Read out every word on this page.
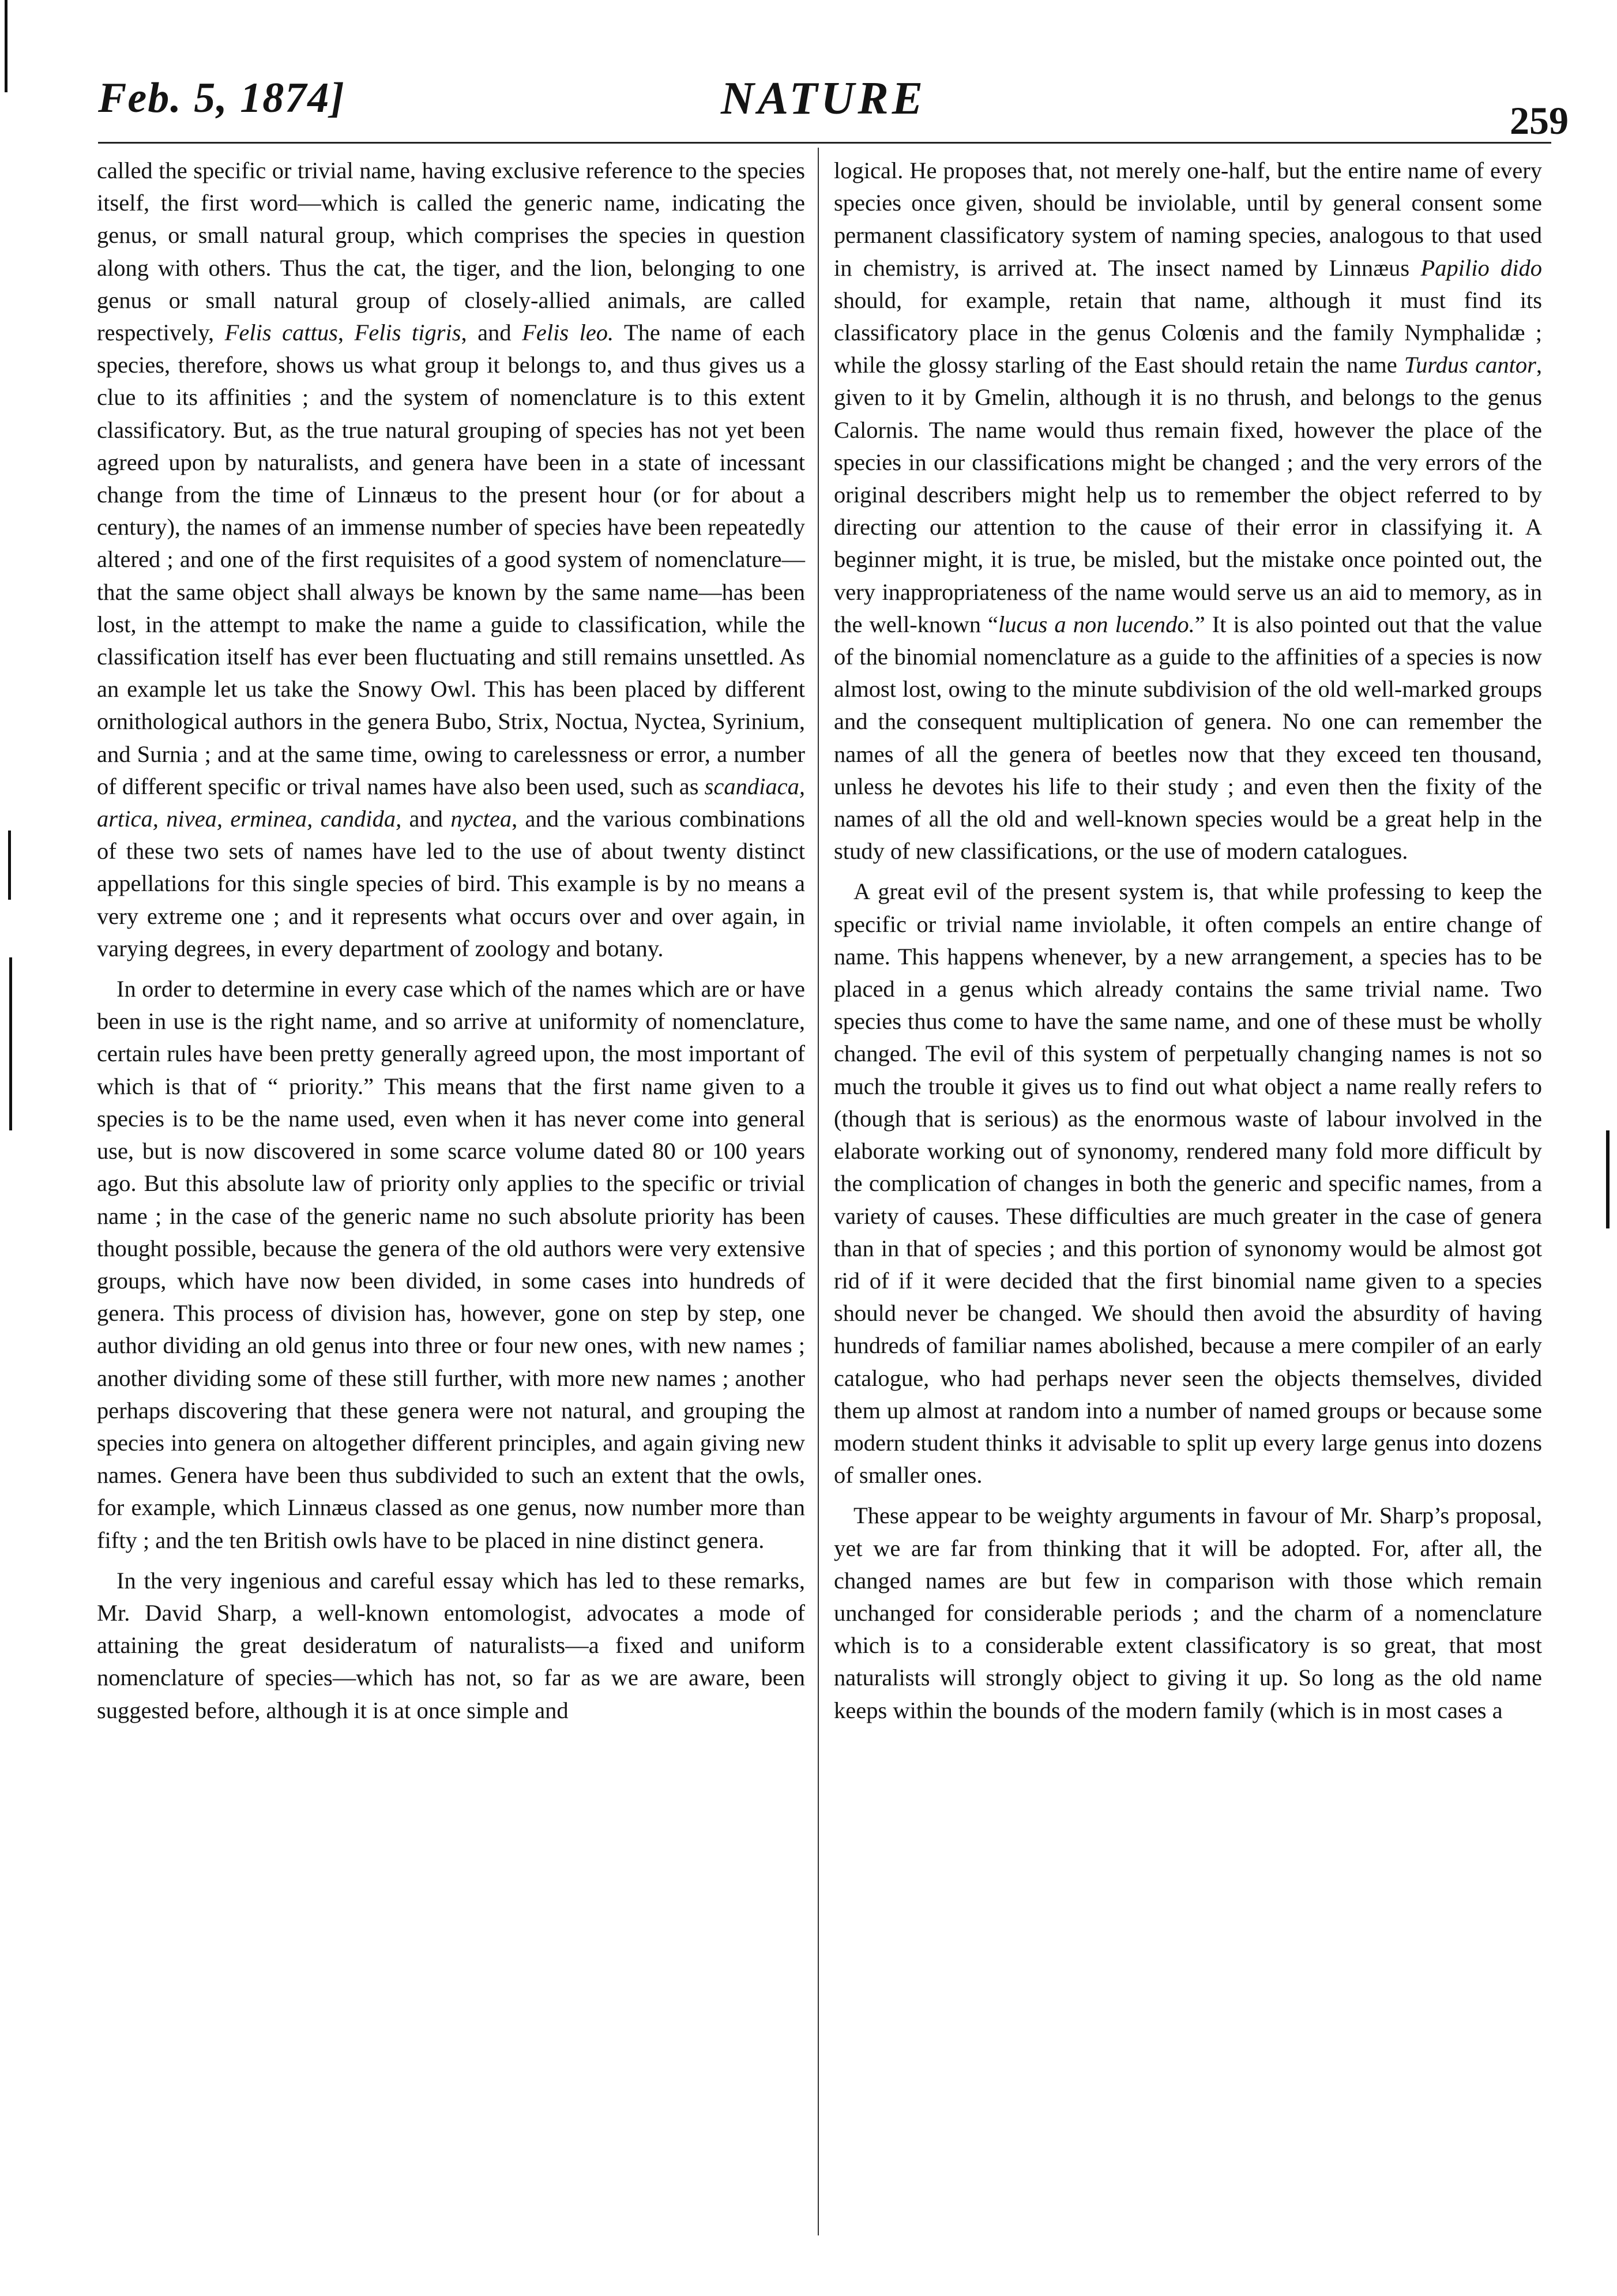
Feb. 5, 1874]	NATURE	259

called the specific or trivial name, having exclusive reference to the species itself, the first word—which is called the generic name, indicating the genus, or small natural group, which comprises the species in question along with others. Thus the cat, the tiger, and the lion, belonging to one genus or small natural group of closely-allied animals, are called respectively, Felis cattus, Felis tigris, and Felis leo. The name of each species, therefore, shows us what group it belongs to, and thus gives us a clue to its affinities ; and the system of nomenclature is to this extent classificatory. But, as the true natural grouping of species has not yet been agreed upon by naturalists, and genera have been in a state of incessant change from the time of Linnæus to the present hour (or for about a century), the names of an immense number of species have been repeatedly altered ; and one of the first requisites of a good system of nomenclature—that the same object shall always be known by the same name—has been lost, in the attempt to make the name a guide to classification, while the classification itself has ever been fluctuating and still remains unsettled. As an example let us take the Snowy Owl. This has been placed by different ornithological authors in the genera Bubo, Strix, Noctua, Nyctea, Syrinium, and Surnia ; and at the same time, owing to carelessness or error, a number of different specific or trival names have also been used, such as scandiaca, artica, nivea, erminea, candida, and nyctea, and the various combinations of these two sets of names have led to the use of about twenty distinct appellations for this single species of bird. This example is by no means a very extreme one ; and it represents what occurs over and over again, in varying degrees, in every department of zoology and botany.

In order to determine in every case which of the names which are or have been in use is the right name, and so arrive at uniformity of nomenclature, certain rules have been pretty generally agreed upon, the most important of which is that of “ priority.” This means that the first name given to a species is to be the name used, even when it has never come into general use, but is now discovered in some scarce volume dated 80 or 100 years ago. But this absolute law of priority only applies to the specific or trivial name ; in the case of the generic name no such absolute priority has been thought possible, because the genera of the old authors were very extensive groups, which have now been divided, in some cases into hundreds of genera. This process of division has, however, gone on step by step, one author dividing an old genus into three or four new ones, with new names ; another dividing some of these still further, with more new names ; another perhaps discovering that these genera were not natural, and grouping the species into genera on altogether different principles, and again giving new names. Genera have been thus subdivided to such an extent that the owls, for example, which Linnæus classed as one genus, now number more than fifty ; and the ten British owls have to be placed in nine distinct genera.

In the very ingenious and careful essay which has led to these remarks, Mr. David Sharp, a well-known entomologist, advocates a mode of attaining the great desideratum of naturalists—a fixed and uniform nomenclature of species—which has not, so far as we are aware, been suggested before, although it is at once simple and

logical. He proposes that, not merely one-half, but the entire name of every species once given, should be inviolable, until by general consent some permanent classificatory system of naming species, analogous to that used in chemistry, is arrived at. The insect named by Linnæus Papilio dido should, for example, retain that name, although it must find its classificatory place in the genus Colœnis and the family Nymphalidæ ; while the glossy starling of the East should retain the name Turdus cantor, given to it by Gmelin, although it is no thrush, and belongs to the genus Calornis. The name would thus remain fixed, however the place of the species in our classifications might be changed ; and the very errors of the original describers might help us to remember the object referred to by directing our attention to the cause of their error in classifying it. A beginner might, it is true, be misled, but the mistake once pointed out, the very inappropriateness of the name would serve us an aid to memory, as in the well-known “lucus a non lucendo.” It is also pointed out that the value of the binomial nomenclature as a guide to the affinities of a species is now almost lost, owing to the minute subdivision of the old well-marked groups and the consequent multiplication of genera. No one can remember the names of all the genera of beetles now that they exceed ten thousand, unless he devotes his life to their study ; and even then the fixity of the names of all the old and well-known species would be a great help in the study of new classifications, or the use of modern catalogues.

A great evil of the present system is, that while professing to keep the specific or trivial name inviolable, it often compels an entire change of name. This happens whenever, by a new arrangement, a species has to be placed in a genus which already contains the same trivial name. Two species thus come to have the same name, and one of these must be wholly changed. The evil of this system of perpetually changing names is not so much the trouble it gives us to find out what object a name really refers to (though that is serious) as the enormous waste of labour involved in the elaborate working out of synonomy, rendered many fold more difficult by the complication of changes in both the generic and specific names, from a variety of causes. These difficulties are much greater in the case of genera than in that of species ; and this portion of synonomy would be almost got rid of if it were decided that the first binomial name given to a species should never be changed. We should then avoid the absurdity of having hundreds of familiar names abolished, because a mere compiler of an early catalogue, who had perhaps never seen the objects themselves, divided them up almost at random into a number of named groups or because some modern student thinks it advisable to split up every large genus into dozens of smaller ones.

These appear to be weighty arguments in favour of Mr. Sharp’s proposal, yet we are far from thinking that it will be adopted. For, after all, the changed names are but few in comparison with those which remain unchanged for considerable periods ; and the charm of a nomenclature which is to a considerable extent classificatory is so great, that most naturalists will strongly object to giving it up. So long as the old name keeps within the bounds of the modern family (which is in most cases a
